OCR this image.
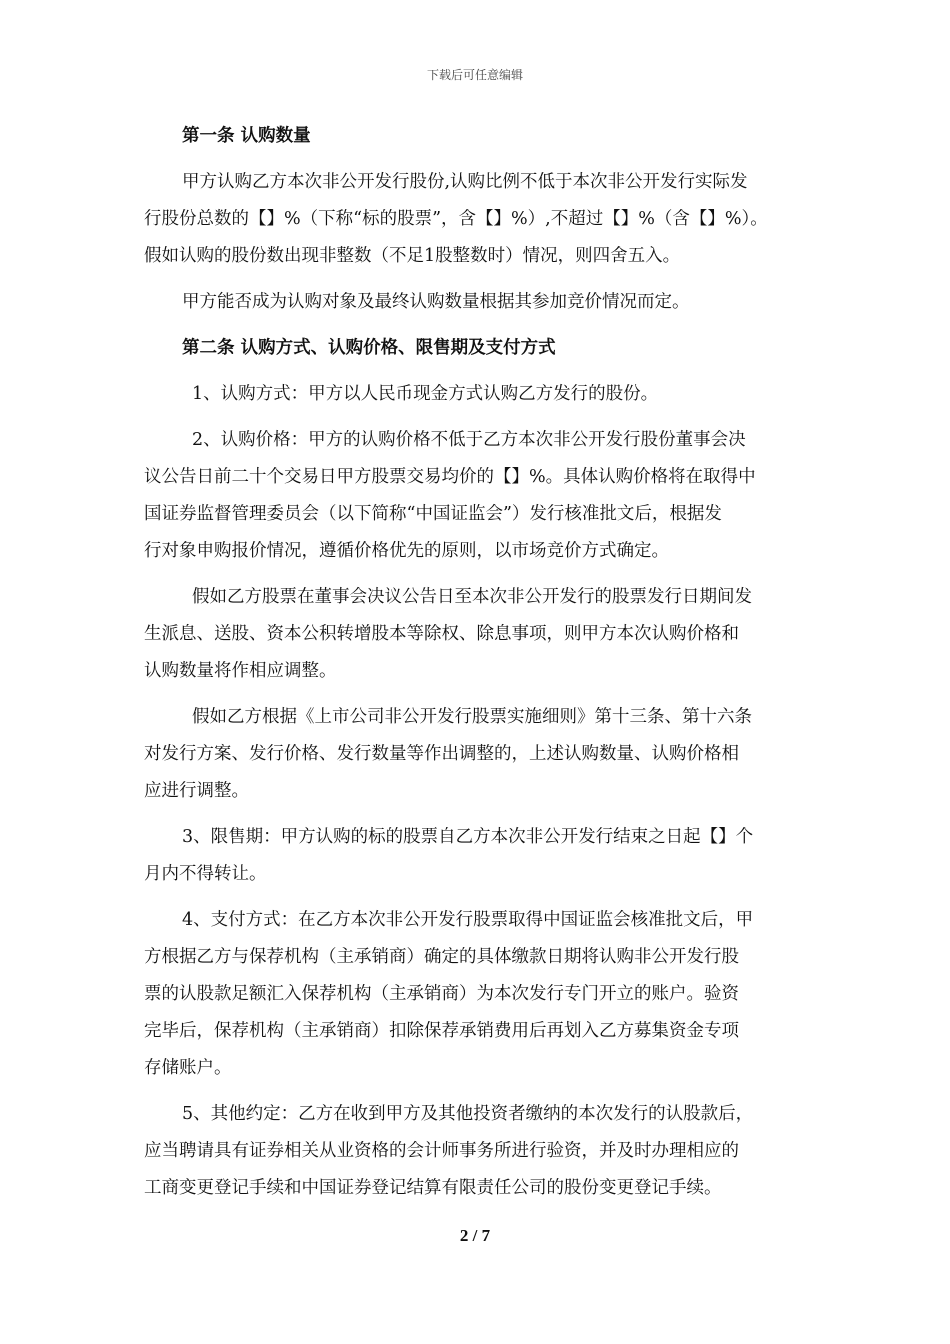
下载后可任意编辑
第一条 认购数量
甲方认购乙方本次非公开发行股份,认购比例不低于本次非公开发行实际发
行股份总数的【】%（下称“标的股票”，含【】%）,不超过【】%（含【】%）。
假如认购的股份数出现非整数（不足1股整数时）情况，则四舍五入。
甲方能否成为认购对象及最终认购数量根据其参加竞价情况而定。
第二条 认购方式、认购价格、限售期及支付方式
1、认购方式：甲方以人民币现金方式认购乙方发行的股份。
2、认购价格：甲方的认购价格不低于乙方本次非公开发行股份董事会决
议公告日前二十个交易日甲方股票交易均价的【】%。具体认购价格将在取得中
国证券监督管理委员会（以下简称“中国证监会”）发行核准批文后，根据发
行对象申购报价情况，遵循价格优先的原则，以市场竞价方式确定。
假如乙方股票在董事会决议公告日至本次非公开发行的股票发行日期间发
生派息、送股、资本公积转增股本等除权、除息事项，则甲方本次认购价格和
认购数量将作相应调整。
假如乙方根据《上市公司非公开发行股票实施细则》第十三条、第十六条
对发行方案、发行价格、发行数量等作出调整的，上述认购数量、认购价格相
应进行调整。
3、限售期：甲方认购的标的股票自乙方本次非公开发行结束之日起【】个
月内不得转让。
4、支付方式：在乙方本次非公开发行股票取得中国证监会核准批文后，甲
方根据乙方与保荐机构（主承销商）确定的具体缴款日期将认购非公开发行股
票的认股款足额汇入保荐机构（主承销商）为本次发行专门开立的账户。验资
完毕后，保荐机构（主承销商）扣除保荐承销费用后再划入乙方募集资金专项
存储账户。
5、其他约定：乙方在收到甲方及其他投资者缴纳的本次发行的认股款后，
应当聘请具有证券相关从业资格的会计师事务所进行验资，并及时办理相应的
工商变更登记手续和中国证券登记结算有限责任公司的股份变更登记手续。
2 / 7
